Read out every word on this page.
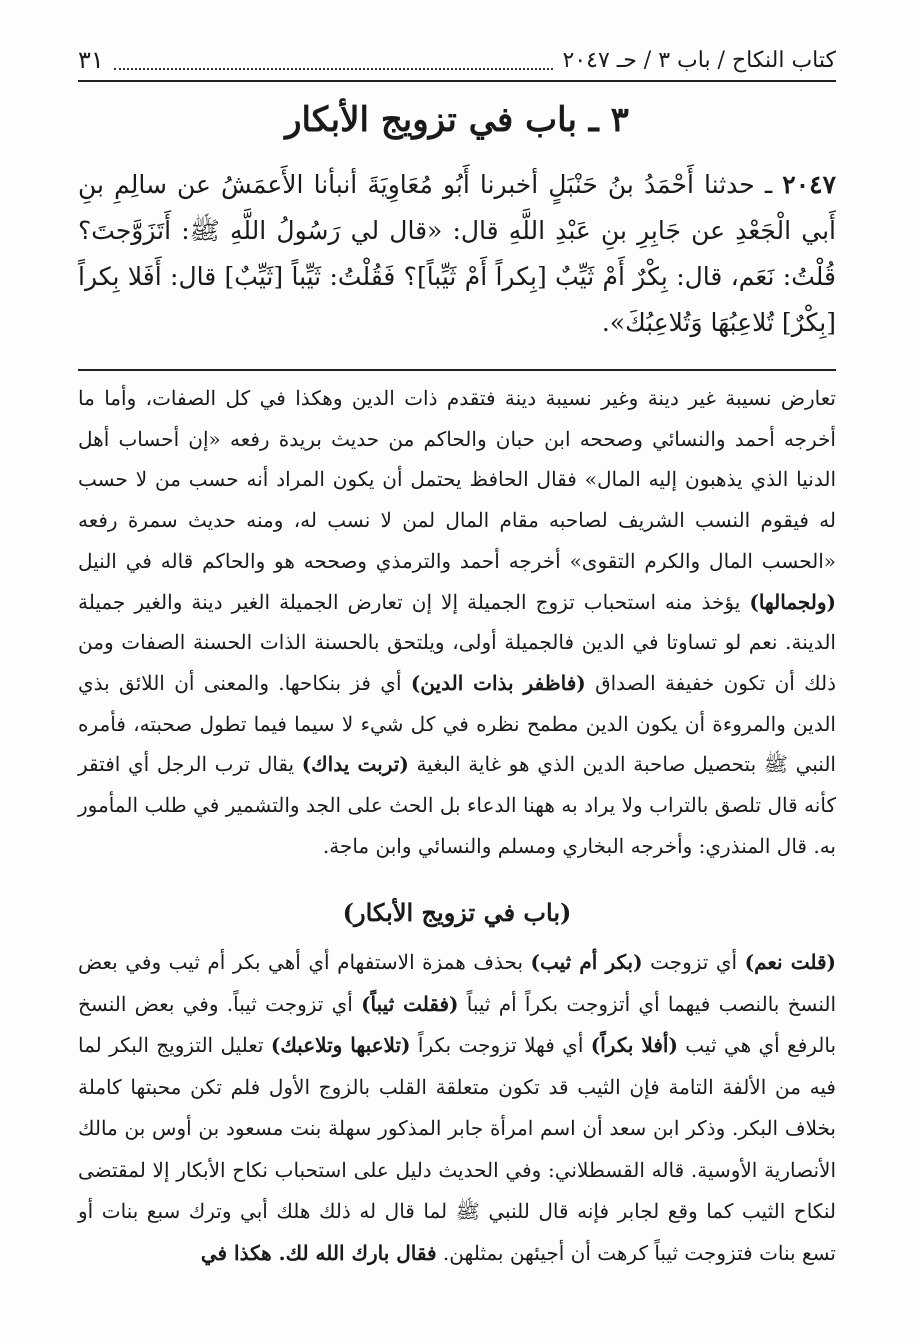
كتاب النكاح / باب ٣ / حـ ٢٠٤٧
٣١
٣ ـ باب في تزويج الأبكار
٢٠٤٧ ـ حدثنا أَحْمَدُ بنُ حَنْبَلٍ أخبرنا أَبُو مُعَاوِيَةَ أنبأنا الأَعمَشُ عن سالِمِ بنِ أَبي الْجَعْدِ عن جَابِرِ بنِ عَبْدِ اللَّهِ قال: «قال لي رَسُولُ اللَّهِ ﷺ: أَتَزَوَّجتَ؟ قُلْتُ: نَعَم، قال: بِكْرٌ أَمْ ثَيِّبٌ [بِكراً أَمْ ثَيِّباً]؟ فَقُلْتُ: ثَيِّباً [ثَيِّبٌ] قال: أَفَلا بِكراً [بِكْرٌ] تُلاعِبُهَا وَتُلاعِبُكَ».
تعارض نسيبة غير دينة وغير نسيبة دينة فتقدم ذات الدين وهكذا في كل الصفات، وأما ما أخرجه أحمد والنسائي وصححه ابن حبان والحاكم من حديث بريدة رفعه «إن أحساب أهل الدنيا الذي يذهبون إليه المال» فقال الحافظ يحتمل أن يكون المراد أنه حسب من لا حسب له فيقوم النسب الشريف لصاحبه مقام المال لمن لا نسب له، ومنه حديث سمرة رفعه «الحسب المال والكرم التقوى» أخرجه أحمد والترمذي وصححه هو والحاكم قاله في النيل (ولجمالها) يؤخذ منه استحباب تزوج الجميلة إلا إن تعارض الجميلة الغير دينة والغير جميلة الدينة. نعم لو تساوتا في الدين فالجميلة أولى، ويلتحق بالحسنة الذات الحسنة الصفات ومن ذلك أن تكون خفيفة الصداق (فاظفر بذات الدين) أي فز بنكاحها. والمعنى أن اللائق بذي الدين والمروءة أن يكون الدين مطمح نظره في كل شيء لا سيما فيما تطول صحبته، فأمره النبي ﷺ بتحصيل صاحبة الدين الذي هو غاية البغية (تربت يداك) يقال ترب الرجل أي افتقر كأنه قال تلصق بالتراب ولا يراد به ههنا الدعاء بل الحث على الجد والتشمير في طلب المأمور به. قال المنذري: وأخرجه البخاري ومسلم والنسائي وابن ماجة.
(باب في تزويج الأبكار)
(قلت نعم) أي تزوجت (بكر أم ثيب) بحذف همزة الاستفهام أي أهي بكر أم ثيب وفي بعض النسخ بالنصب فيهما أي أتزوجت بكراً أم ثيباً (فقلت ثيباً) أي تزوجت ثيباً. وفي بعض النسخ بالرفع أي هي ثيب (أفلا بكراً) أي فهلا تزوجت بكراً (تلاعبها وتلاعبك) تعليل التزويج البكر لما فيه من الألفة التامة فإن الثيب قد تكون متعلقة القلب بالزوج الأول فلم تكن محبتها كاملة بخلاف البكر. وذكر ابن سعد أن اسم امرأة جابر المذكور سهلة بنت مسعود بن أوس بن مالك الأنصارية الأوسية. قاله القسطلاني: وفي الحديث دليل على استحباب نكاح الأبكار إلا لمقتضى لنكاح الثيب كما وقع لجابر فإنه قال للنبي ﷺ لما قال له ذلك هلك أبي وترك سبع بنات أو تسع بنات فتزوجت ثيباً كرهت أن أجيئهن بمثلهن. فقال بارك الله لك. هكذا في
